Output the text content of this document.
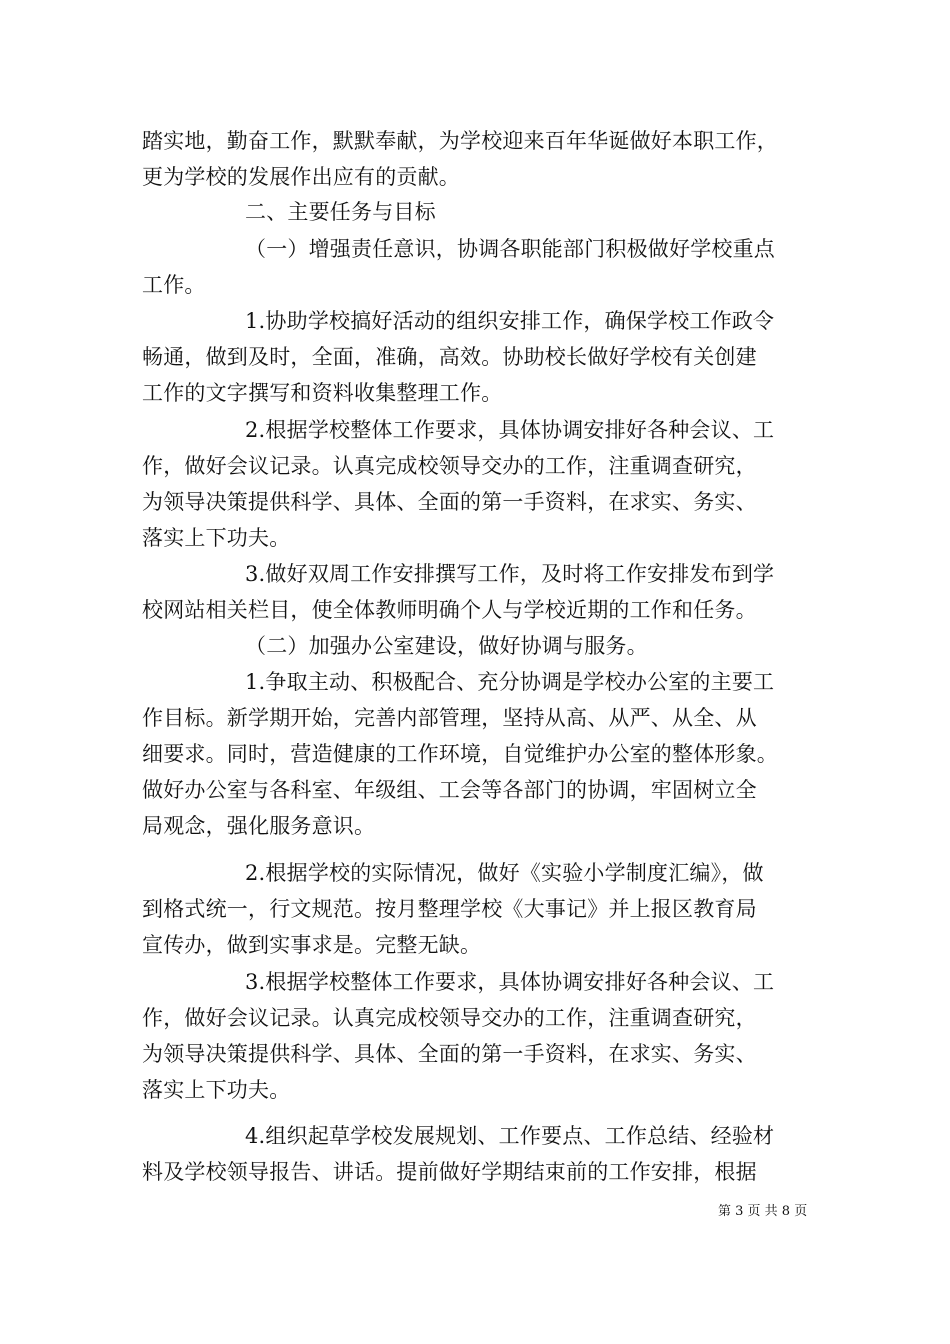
踏实地，勤奋工作，默默奉献，为学校迎来百年华诞做好本职工作，
更为学校的发展作出应有的贡献。
二、主要任务与目标
（一）增强责任意识，协调各职能部门积极做好学校重点
工作。
1.协助学校搞好活动的组织安排工作，确保学校工作政令
畅通，做到及时，全面，准确，高效。协助校长做好学校有关创建
工作的文字撰写和资料收集整理工作。
2.根据学校整体工作要求，具体协调安排好各种会议、工
作，做好会议记录。认真完成校领导交办的工作，注重调查研究，
为领导决策提供科学、具体、全面的第一手资料，在求实、务实、
落实上下功夫。
3.做好双周工作安排撰写工作，及时将工作安排发布到学
校网站相关栏目，使全体教师明确个人与学校近期的工作和任务。
（二）加强办公室建设，做好协调与服务。
1.争取主动、积极配合、充分协调是学校办公室的主要工
作目标。新学期开始，完善内部管理，坚持从高、从严、从全、从
细要求。同时，营造健康的工作环境，自觉维护办公室的整体形象。
做好办公室与各科室、年级组、工会等各部门的协调，牢固树立全
局观念，强化服务意识。
2.根据学校的实际情况，做好《实验小学制度汇编》，做
到格式统一，行文规范。按月整理学校《大事记》并上报区教育局
宣传办，做到实事求是。完整无缺。
3.根据学校整体工作要求，具体协调安排好各种会议、工
作，做好会议记录。认真完成校领导交办的工作，注重调查研究，
为领导决策提供科学、具体、全面的第一手资料，在求实、务实、
落实上下功夫。
4.组织起草学校发展规划、工作要点、工作总结、经验材
料及学校领导报告、讲话。提前做好学期结束前的工作安排，根据
第 3 页 共 8 页
